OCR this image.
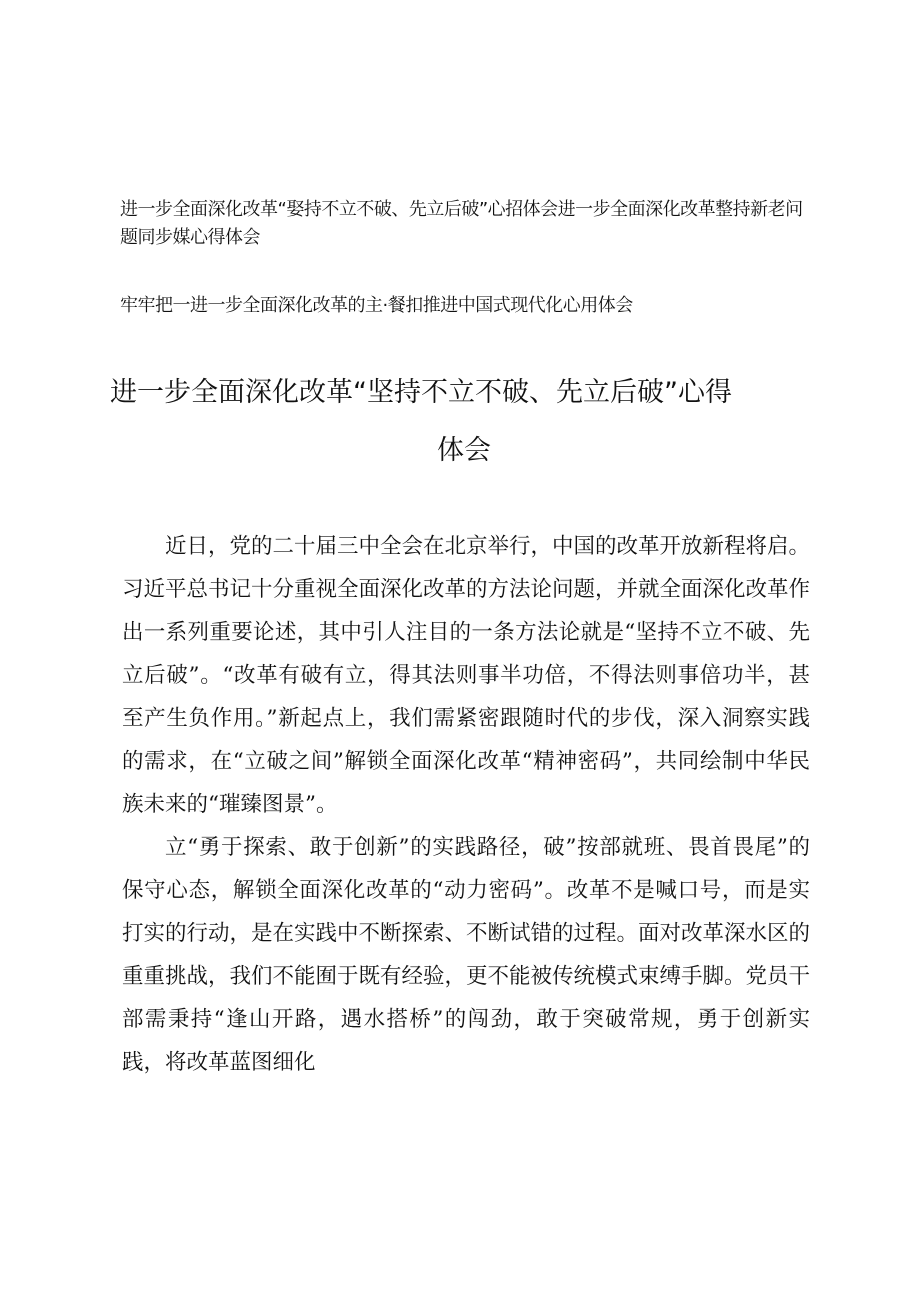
进一步全面深化改革“娶持不立不破、先立后破”心招体会进一步全面深化改革整持新老问题同步媒心得体会
牢牢把一进一步全面深化改革的主·餐扣推进中国式现代化心用体会
进一步全面深化改革“坚持不立不破、先立后破”心得
体会

近日，党的二十届三中全会在北京举行，中国的改革开放新程将启。习近平总书记十分重视全面深化改革的方法论问题，并就全面深化改革作出一系列重要论述，其中引人注目的一条方法论就是“坚持不立不破、先立后破”。“改革有破有立，得其法则事半功倍，不得法则事倍功半，甚至产生负作用。”新起点上，我们需紧密跟随时代的步伐，深入洞察实践的需求，在“立破之间”解锁全面深化改革“精神密码”，共同绘制中华民族未来的“璀臻图景”。

立“勇于探索、敢于创新”的实践路径，破”按部就班、畏首畏尾”的保守心态，解锁全面深化改革的“动力密码”。改革不是喊口号，而是实打实的行动，是在实践中不断探索、不断试错的过程。面对改革深水区的重重挑战，我们不能囿于既有经验，更不能被传统模式束缚手脚。党员干部需秉持“逢山开路，遇水搭桥”的闯劲，敢于突破常规，勇于创新实践，将改革蓝图细化
